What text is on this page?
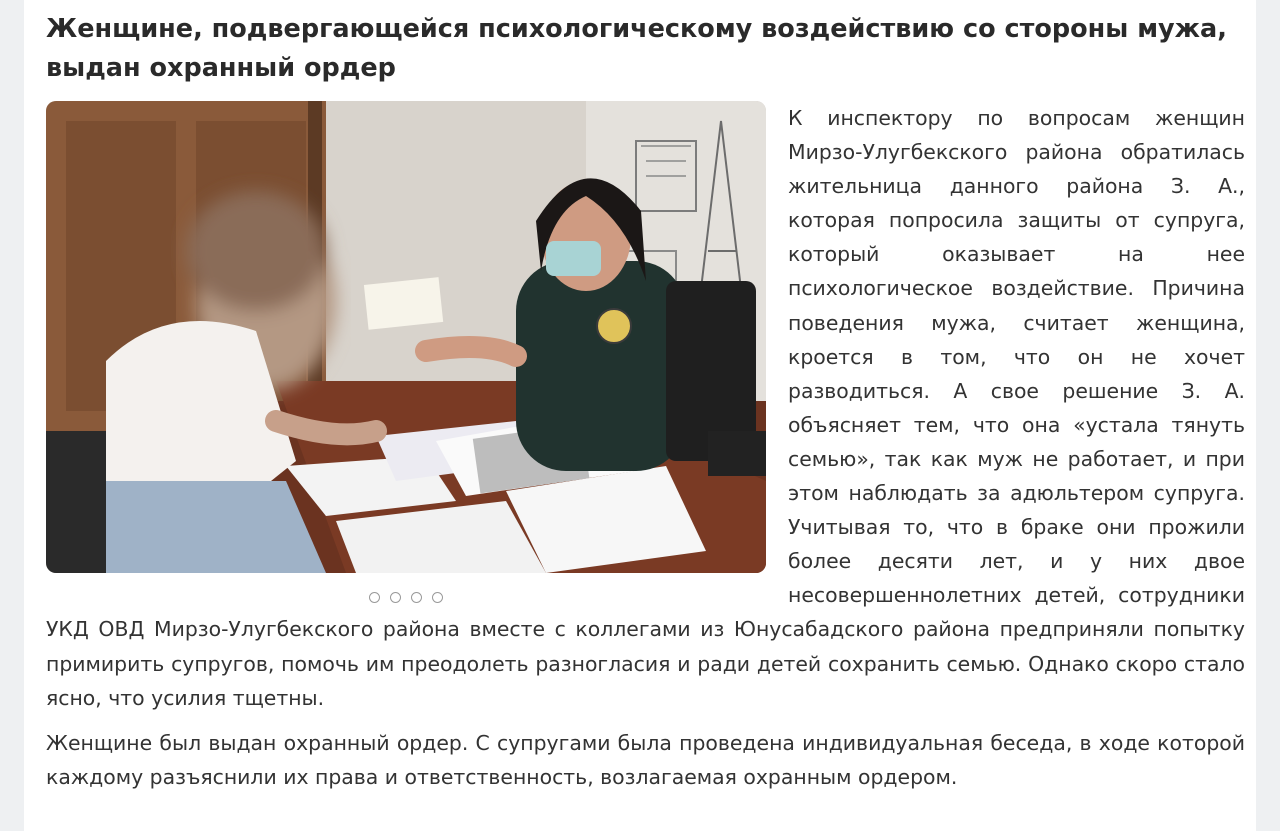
Женщине, подвергающейся психологическому воздействию со стороны мужа, выдан охранный ордер

К инспектору по вопросам женщин Мирзо-Улугбекского района обратилась жительница данного района З. А., которая попросила защиты от супруга, который оказывает на нее психологическое воздействие. Причина поведения мужа, считает женщина, кроется в том, что он не хочет разводиться. А свое решение З. А. объясняет тем, что она «устала тянуть семью», так как муж не работает, и при этом наблюдать за адюльтером супруга. Учитывая то, что в браке они прожили более десяти лет, и у них двое несовершеннолетних детей, сотрудники УКД ОВД Мирзо-Улугбекского района вместе с коллегами из Юнусабадского района предприняли попытку примирить супругов, помочь им преодолеть разногласия и ради детей сохранить семью. Однако скоро стало ясно, что усилия тщетны.

Женщине был выдан охранный ордер. С супругами была проведена индивидуальная беседа, в ходе которой каждому разъяснили их права и ответственность, возлагаемая охранным ордером.
